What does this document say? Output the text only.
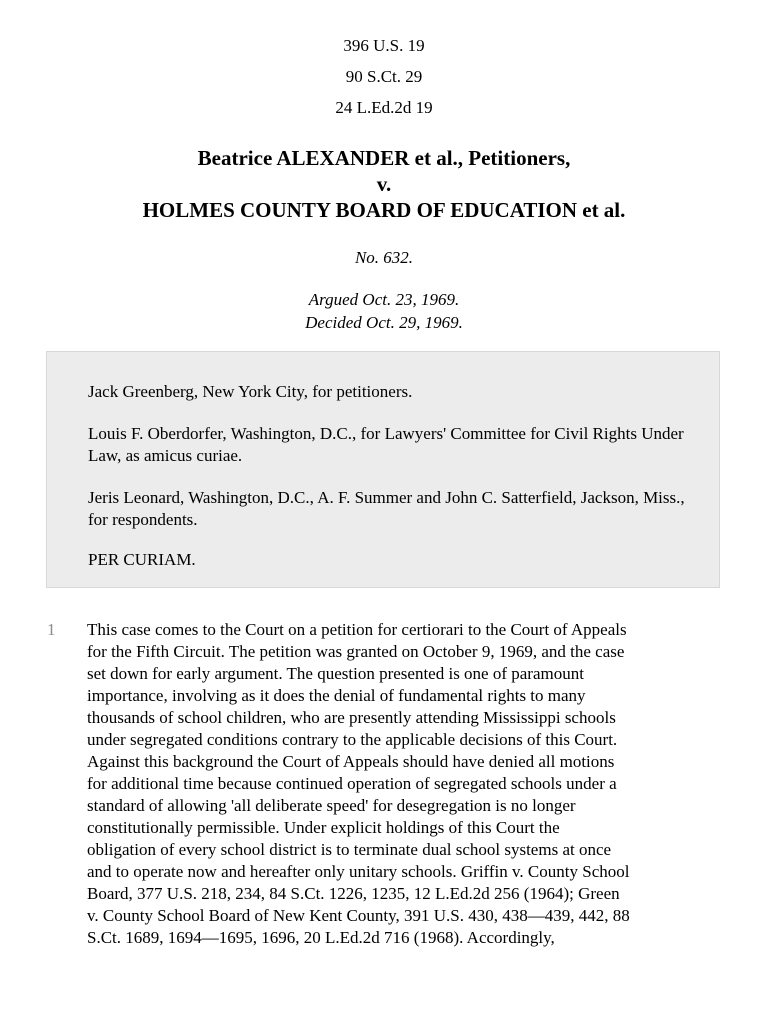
396 U.S. 19
90 S.Ct. 29
24 L.Ed.2d 19
Beatrice ALEXANDER et al., Petitioners,
v.
HOLMES COUNTY BOARD OF EDUCATION et al.
No. 632.
Argued Oct. 23, 1969.
Decided Oct. 29, 1969.

Jack Greenberg, New York City, for petitioners.

Louis F. Oberdorfer, Washington, D.C., for Lawyers' Committee for Civil Rights Under Law, as amicus curiae.

Jeris Leonard, Washington, D.C., A. F. Summer and John C. Satterfield, Jackson, Miss., for respondents.

PER CURIAM.

1 This case comes to the Court on a petition for certiorari to the Court of Appeals
for the Fifth Circuit. The petition was granted on October 9, 1969, and the case
set down for early argument. The question presented is one of paramount
importance, involving as it does the denial of fundamental rights to many
thousands of school children, who are presently attending Mississippi schools
under segregated conditions contrary to the applicable decisions of this Court.
Against this background the Court of Appeals should have denied all motions
for additional time because continued operation of segregated schools under a
standard of allowing 'all deliberate speed' for desegregation is no longer
constitutionally permissible. Under explicit holdings of this Court the
obligation of every school district is to terminate dual school systems at once
and to operate now and hereafter only unitary schools. Griffin v. County School
Board, 377 U.S. 218, 234, 84 S.Ct. 1226, 1235, 12 L.Ed.2d 256 (1964); Green
v. County School Board of New Kent County, 391 U.S. 430, 438—439, 442, 88
S.Ct. 1689, 1694—1695, 1696, 20 L.Ed.2d 716 (1968). Accordingly,
